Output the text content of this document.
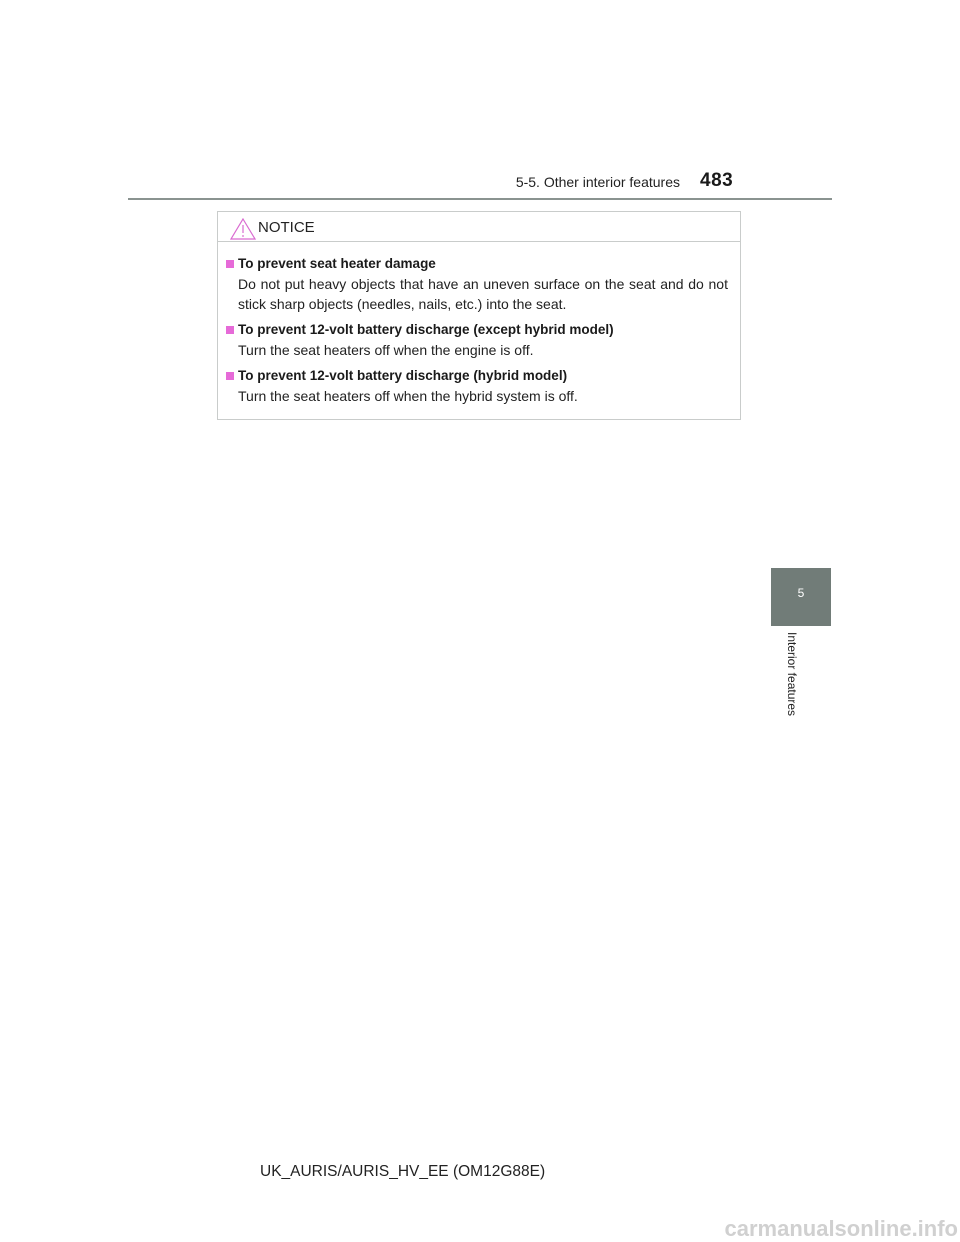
5-5. Other interior features 483
NOTICE
To prevent seat heater damage
Do not put heavy objects that have an uneven surface on the seat and do not stick sharp objects (needles, nails, etc.) into the seat.
To prevent 12-volt battery discharge (except hybrid model)
Turn the seat heaters off when the engine is off.
To prevent 12-volt battery discharge (hybrid model)
Turn the seat heaters off when the hybrid system is off.
5
Interior features
UK_AURIS/AURIS_HV_EE (OM12G88E)
carmanualsonline.info
